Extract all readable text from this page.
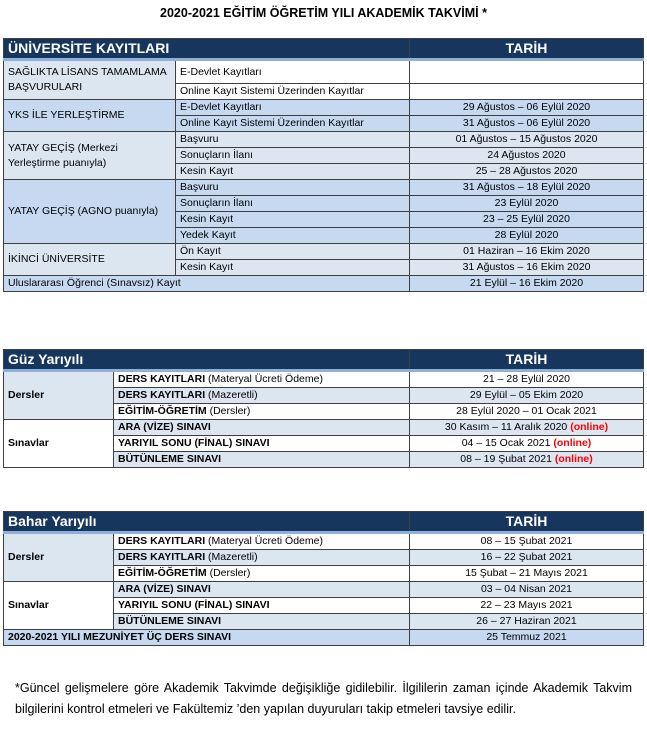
2020-2021 EĞİTİM ÖĞRETİM YILI AKADEMİK TAKVİMİ *
ÜNİVERSİTE KAYITLARI		TARİH
SAĞLIKTA LİSANS TAMAMLAMA BAŞVURULARI	E-Devlet Kayıtları	
	Online Kayıt Sistemi Üzerinden Kayıtlar	
YKS İLE YERLEŞTİRME	E-Devlet Kayıtları	29 Ağustos – 06 Eylül 2020
	Online Kayıt Sistemi Üzerinden Kayıtlar	31 Ağustos – 06 Eylül 2020
YATAY GEÇİŞ (Merkezi Yerleştirme puanıyla)	Başvuru	01 Ağustos – 15 Ağustos 2020
	Sonuçların İlanı	24 Ağustos 2020
	Kesin Kayıt	25 – 28 Ağustos 2020
YATAY GEÇİŞ (AGNO puanıyla)	Başvuru	31 Ağustos – 18 Eylül 2020
	Sonuçların İlanı	23 Eylül 2020
	Kesin Kayıt	23 – 25 Eylül 2020
	Yedek Kayıt	28 Eylül 2020
İKİNCİ ÜNİVERSİTE	Ön Kayıt	01 Haziran – 16 Ekim 2020
	Kesin Kayıt	31 Ağustos – 16 Ekim 2020
Uluslararası Öğrenci (Sınavsız) Kayıt		21 Eylül – 16 Ekim 2020
Güz Yarıyılı		TARİH
Dersler	DERS KAYITLARI (Materyal Ücreti Ödeme)	21 – 28 Eylül 2020
	DERS KAYITLARI (Mazeretli)	29 Eylül – 05 Ekim 2020
	EĞİTİM-ÖĞRETİM (Dersler)	28 Eylül 2020 – 01 Ocak 2021
Sınavlar	ARA (VİZE) SINAVI	30 Kasım – 11 Aralık 2020 (online)
	YARIYIL SONU (FİNAL) SINAVI	04 – 15 Ocak 2021 (online)
	BÜTÜNLEME SINAVI	08 – 19 Şubat 2021 (online)
Bahar Yarıyılı		TARİH
Dersler	DERS KAYITLARI (Materyal Ücreti Ödeme)	08 – 15 Şubat 2021
	DERS KAYITLARI (Mazeretli)	16 – 22 Şubat 2021
	EĞİTİM-ÖĞRETİM (Dersler)	15 Şubat – 21 Mayıs 2021
Sınavlar	ARA (VİZE) SINAVI	03 – 04 Nisan 2021
	YARIYIL SONU (FİNAL) SINAVI	22 – 23 Mayıs 2021
	BÜTÜNLEME SINAVI	26 – 27 Haziran 2021
2020-2021 YILI MEZUNİYET ÜÇ DERS SINAVI		25 Temmuz 2021
*Güncel gelişmelere göre Akademik Takvimde değişikliğe gidilebilir. İlgililerin zaman içinde Akademik Takvim bilgilerini kontrol etmeleri ve Fakültemiz ’den yapılan duyuruları takip etmeleri tavsiye edilir.
